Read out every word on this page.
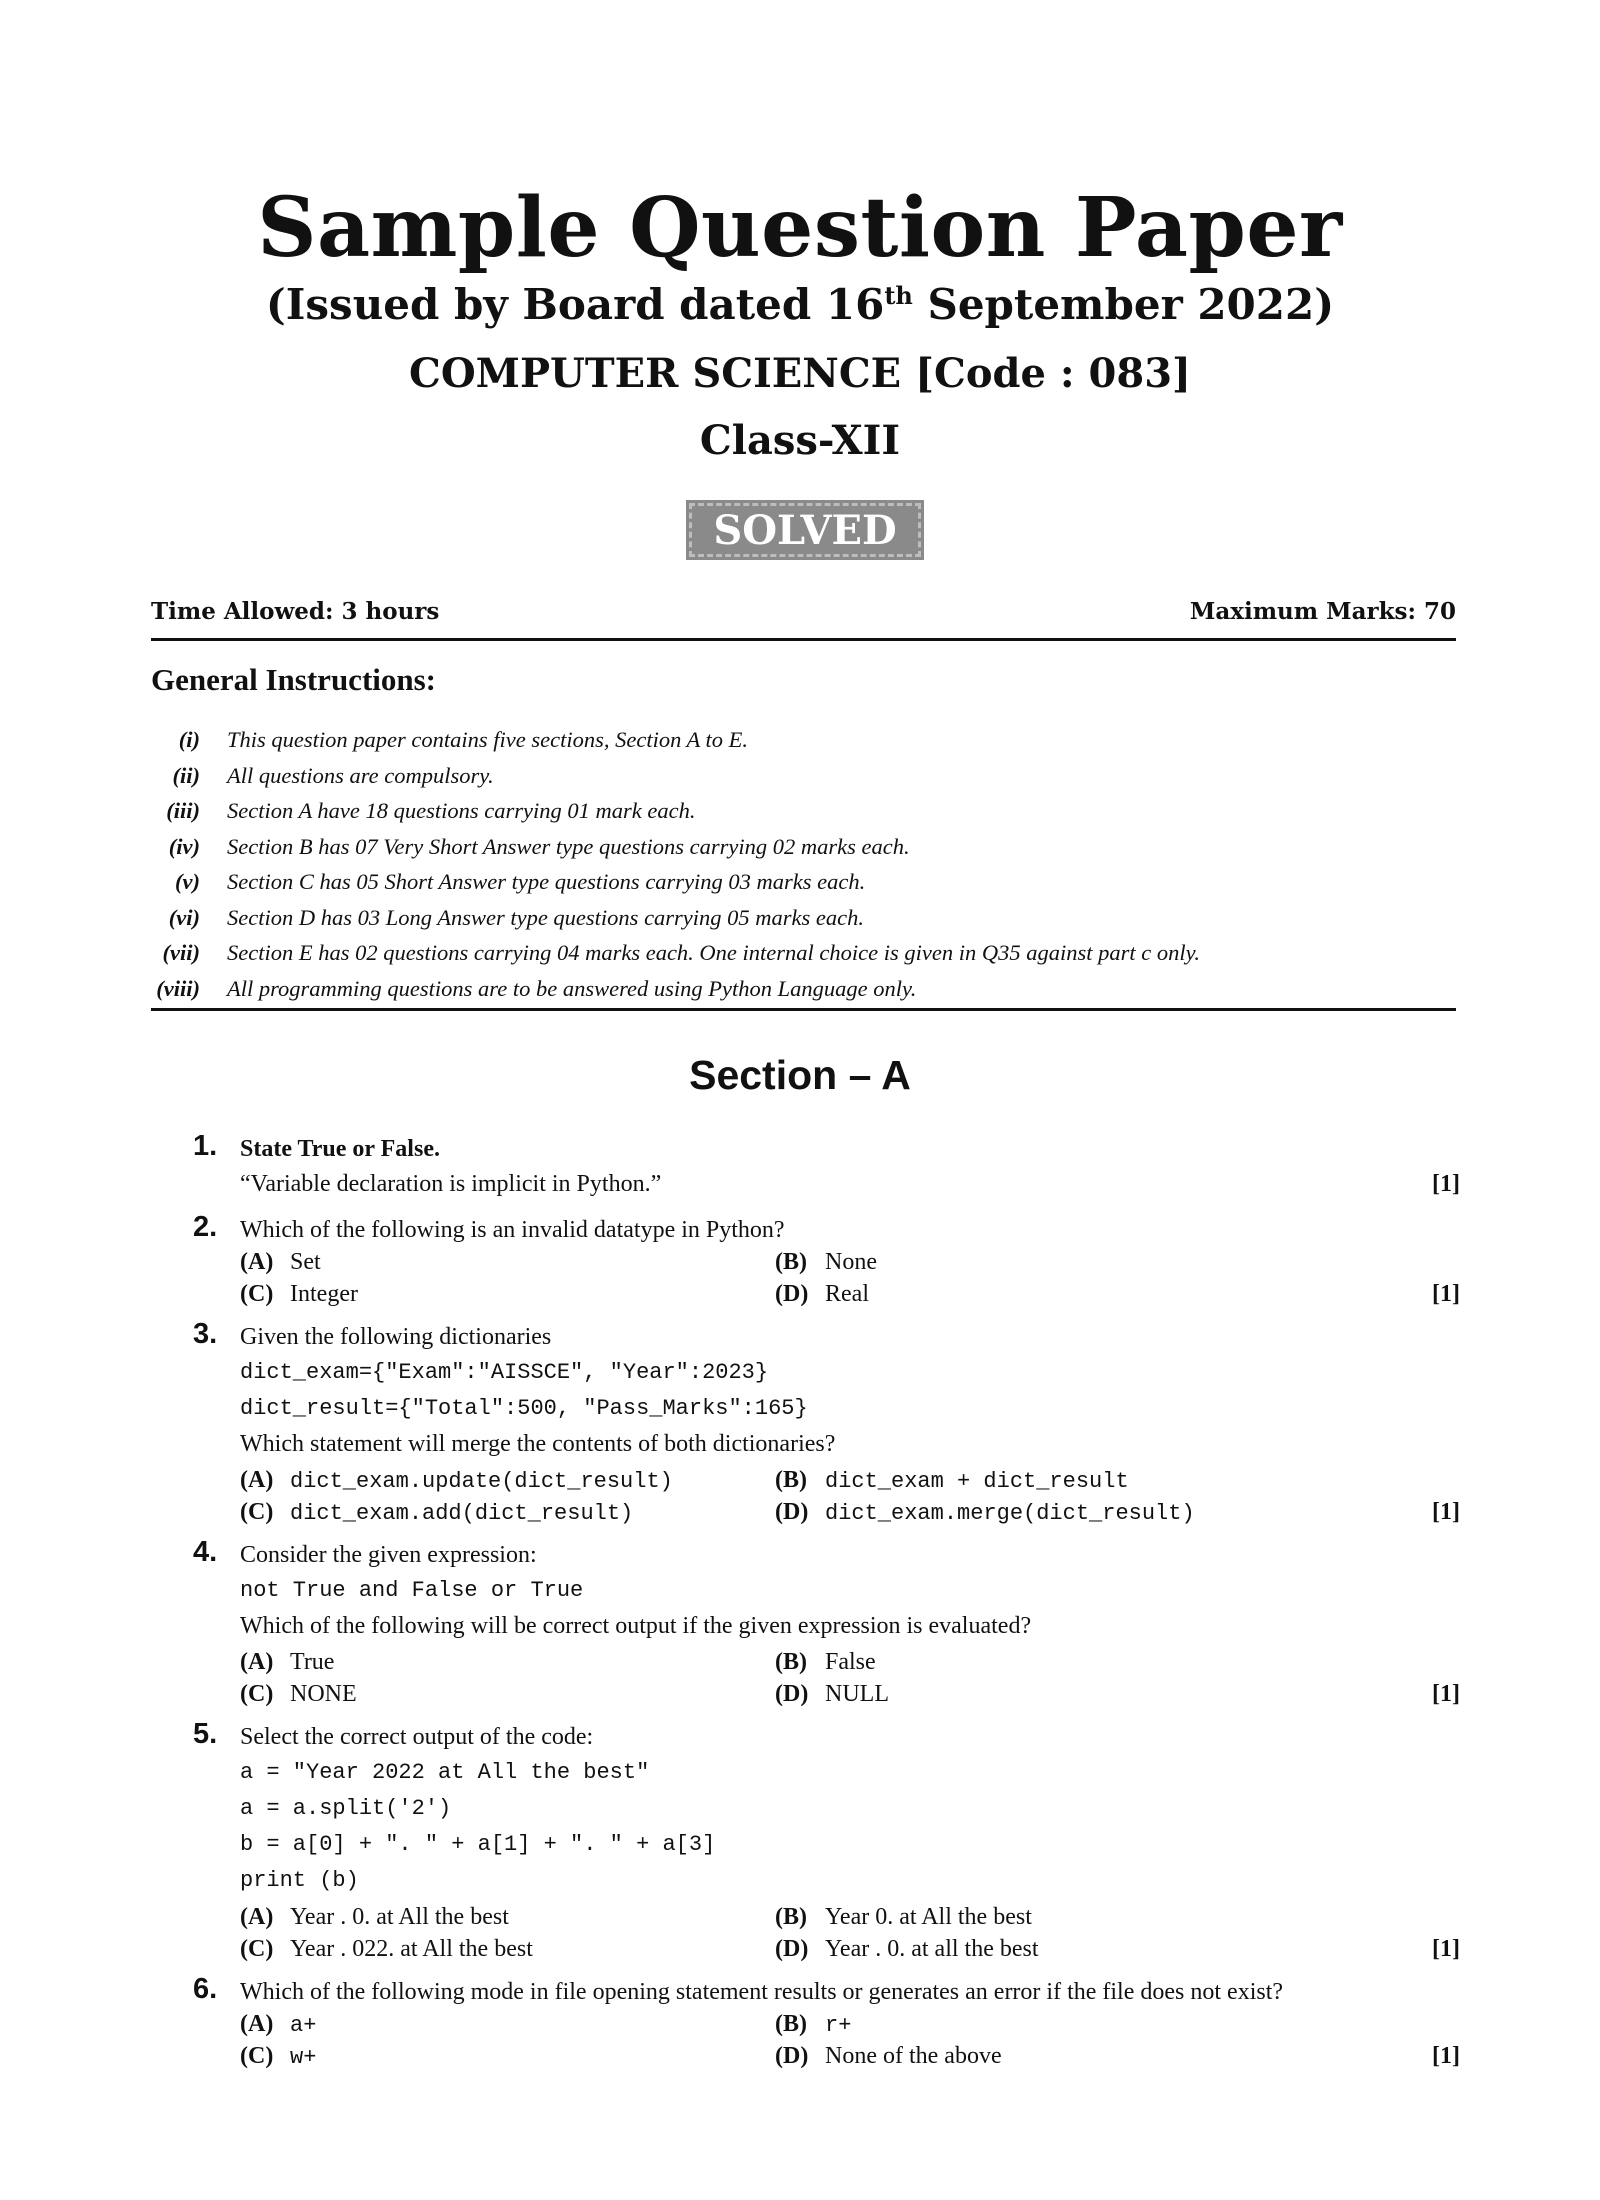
Sample Question Paper
(Issued by Board dated 16th September 2022)
COMPUTER SCIENCE [Code : 083]
Class-XII
SOLVED
Time Allowed: 3 hours	Maximum Marks: 70
General Instructions:
(i) This question paper contains five sections, Section A to E.
(ii) All questions are compulsory.
(iii) Section A have 18 questions carrying 01 mark each.
(iv) Section B has 07 Very Short Answer type questions carrying 02 marks each.
(v) Section C has 05 Short Answer type questions carrying 03 marks each.
(vi) Section D has 03 Long Answer type questions carrying 05 marks each.
(vii) Section E has 02 questions carrying 04 marks each. One internal choice is given in Q35 against part c only.
(viii) All programming questions are to be answered using Python Language only.
Section – A
1. State True or False.
“Variable declaration is implicit in Python.”	[1]
2. Which of the following is an invalid datatype in Python?
(A) Set	(B) None
(C) Integer	(D) Real	[1]
3. Given the following dictionaries
dict_exam={"Exam":"AISSCE", "Year":2023}
dict_result={"Total":500, "Pass_Marks":165}
Which statement will merge the contents of both dictionaries?
(A) dict_exam.update(dict_result)	(B) dict_exam + dict_result
(C) dict_exam.add(dict_result)	(D) dict_exam.merge(dict_result)	[1]
4. Consider the given expression:
not True and False or True
Which of the following will be correct output if the given expression is evaluated?
(A) True	(B) False
(C) NONE	(D) NULL	[1]
5. Select the correct output of the code:
a = "Year 2022 at All the best"
a = a.split('2')
b = a[0] + ". " + a[1] + ". " + a[3]
print (b)
(A) Year . 0. at All the best	(B) Year 0. at All the best
(C) Year . 022. at All the best	(D) Year . 0. at all the best	[1]
6. Which of the following mode in file opening statement results or generates an error if the file does not exist?
(A) a+	(B) r+
(C) w+	(D) None of the above	[1]
